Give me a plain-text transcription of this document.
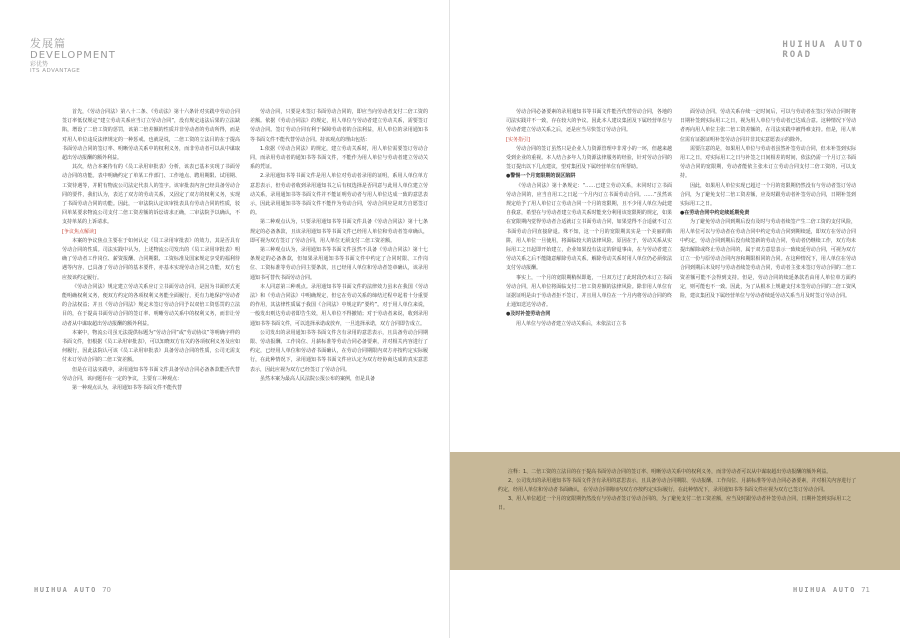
发展篇
DEVELOPMENT
彩优势
ITS ADVANTAGE

首先，《劳动合同法》第八十二条、《劳动法》第十六条针对实践中劳动合同签订率低仅规定“建立劳动关系应当订立劳动合同”，没有规定违法后果的立法缺陷，增设了二倍工资的惩罚，该第二倍差额的性质并非劳动者的劳动所得，而是对用人单位违反法律规定的一种惩戒。也就是说，二倍工资的立法目的在于提高书面劳动合同的签订率、明晰劳动关系中的权利义务，而非劳动者可以从中谋取超出劳动报酬的额外利益。

其次，结合本案待有的《员工录用审批表》分析，该表已基本实现了书面劳动合同的功能。表中明确约定了单某工作部门、工作地点、聘用期限、试用期、工资待遇等，并附有物流公司法定代表人的签字。该审批表内容已经具备劳动合同的要件，我们认为，表达了双方的劳动关系，又固定了双方的权利义务，实现了书面劳动合同的功能。因此，一审法院认定该审批表具有劳动合同的性质，驳回单某要求物流公司支付二倍工资差额的诉讼请求正确，二审法院予以确认，不支持单某的上诉请求。

[争议焦点解读]

本案的争议焦点主要在于如何认定《员工录用审批表》的效力，其是否具有劳动合同的性质。司法实践中认为，上述物流公司发出的《员工录用审批表》明确了劳动者工作岗位、薪资报酬、合同期限、工资标准及国家规定享受的福利待遇等内容，已具备了劳动合同的基本要件，亦基本实现劳动合同之功能，双方也应按该约定履行。

《劳动合同法》规定建立劳动关系应订立书面劳动合同，是因为书面形式更能明确权利义务，便双方约定的各项权利义务能全面履行，更有力地保护劳动者的合法权益；并且《劳动合同法》规定未签订劳动合同予以双倍工资惩罚的立法目的，在于提高书面劳动合同的签订率、明晰劳动关系中的权利义务，而非让劳动者从中谋取超出劳动报酬的额外利益。

本案中，物流公司虽无法提供标题为“劳动合同”或“劳动协议”等明确字样的书面文件，但根据《员工录用审批表》，可以知晓双方有关的各项权利义务及应如何履行，因此法院认可该《员工录用审批表》具备劳动合同的性质，公司无需支付未订劳动合同的二倍工资差额。

但是在司法实践中，录用通知书等书面文件具备劳动合同必备条款能否代替劳动合同，该问题存在一定的争议，主要有三种观点：

第一种观点认为，录用通知书等书面文件不能代替

劳动合同，只要是未签订书面劳动合同的，即应当向劳动者支付二倍工资的差额。依据《劳动合同法》的规定，用人单位与劳动者建立劳动关系，需要签订劳动合同。签订劳动合同有利于保障劳动者的合法利益，用人单位的录用通知书等书面文件不能代替劳动合同。持该观点的理由包括：

1.依据《劳动合同法》的规定，建立劳动关系时，用人单位需要签订劳动合同，而录用劳动者的通知书等书面文件，不能作为用人单位与劳动者建立劳动关系的凭证。

2.录用通知书等书面文件是用人单位对劳动者录用的证明，系用人单位单方意思表示，但劳动者收到录用通知书之后有权选择是否同意与此用人单位建立劳动关系，录用通知书等书面文件并不能证明劳动者与用人单位达成一致的意思表示，因此录用通知书等书面文件不能作为劳动合同，劳动合同应是双方自愿签订的。

第二种观点认为，只要录用通知书等书面文件具备《劳动合同法》第十七条规定的必备条款，且该录用通知书等书面文件已经用人单位和劳动者签章确认，即可视为双方签订了劳动合同，用人单位无须支付二倍工资差额。

第三种观点认为，录用通知书等书面文件虽然不具备《劳动合同法》第十七条规定的必备条款，但如果录用通知书等书面文件中约定了合同时限、工作岗位、工资标准等劳动合同主要条款，且已经用人单位和劳动者签章确认，该录用通知书可替代书面劳动合同。

本人同意第三种观点。录用通知书等书面文件的法律效力虽未在我国《劳动法》和《劳动合同法》中明确规定，但它在劳动关系的缔结过程中起着十分重要的作用，其法律性质属于我国《合同法》中规定的“要约”。对于用人单位来说，一般发出则达劳动者即告生效，用人单位不得撤销；对于劳动者来说，收到录用通知书等书面文件，可以选择承诺或放弃，一旦选择承诺，双方合同即告成立。

公司发出的录用通知书等书面文件含有录用的意思表示，且具备劳动合同期限、劳动报酬、工作岗位、月薪标准等劳动合同必备要素，并对相关内容进行了约定，已经用人单位和劳动者书面确认，在劳动合同期限内双方亦按约定实际履行，在此种情况下，录用通知书等书面文件应认定为双方经协商达成的真实意思表示，因此应视为双方已经签订了劳动合同。

虽然本案为最高人民法院公报公布的案例，但是具备

HUIHUA AUTO 70
HUIHUA AUTO
ROAD

劳动合同必备要素的录用通知书等书面文件能否代替劳动合同，各地的司法实践并不一致，存在较大的争议。因此本人建议集团及下属经营单位与劳动者建立劳动关系之后，还是应当尽快签订劳动合同。

[实务指引]

劳动合同的签订虽然只是企业人力资源管理中非常小的一环，但越来越受到企业的重视。本人结合多年人力资源法律服务的经验，针对劳动合同的签订提出以下几点建议，望对集团及下属经营单位有所帮助。

●警惕一个月宽限期的误区陷阱

《劳动合同法》第十条规定：“……已建立劳动关系，未同时订立书面劳动合同的，应当自用工之日起一个月内订立书面劳动合同。……”虽然该规定给予了用人单位订立劳动合同一个月的宽限期，且不少用人单位为此建自我意，希望在与劳动者建立劳动关系时能充分利用该宽限期的规定，如果在宽限期内觉得劳动者合适就订立书面劳动合同，如果觉得不合适就不订立书面劳动合同直接辞退。殊不知，这一个月的宽限期其实是一个美丽的陷阱，用人单位一旦使用，将面临较大的法律风险。原因在于，劳动关系从实际用工之日起即开始建立，企业如果没有法定的辞退事由，在与劳动者建立劳动关系之后不能随意解除劳动关系。解除劳动关系时用人单位仍必须依法支付劳动报酬。

事实上，一个月的宽限期稍纵即逝，一旦双方过了此时段仍未订立书面劳动合同，用人单位将面临支付二倍工资差额的法律风险。除非用人单位有证据证明是由于劳动者拒不签订，并且用人单位在一个月内将劳动合同的终止通知送达劳动者。

●及时补签劳动合同

用人单位与劳动者建立劳动关系后，未依法订立书

面劳动合同，劳动关系存续一定时间后，可以与劳动者在签订劳动合同时将日期补签到实际用工之日，视为用人单位与劳动者已达成合意。这种情况下劳动者再向用人单位主张二倍工资差额的，在司法实践中被得难支持。但是，用人单位需有证据证明补签劳动合同并非其实意愿表示的除外。

需要注意的是，如果用人单位与劳动者虽然补签劳动合同，但未补签到实际用工之日，对实际用工之日与补签之日间相差的时间，依法仍需一个月订立书面劳动合同的宽限期，劳动者能依主张未订立劳动合同支付二倍工资的，可以支持。

因此，如果用人单位实现已超过一个月的宽限期仍然没有与劳动者签订劳动合同，为了避免支付二倍工资差额，应及时跟劳动者补签劳动合同，日期补签到实际用工之日。

●在劳动合同中约定续延期免责

为了避免劳动合同到期后没有及时与劳动者续签产生二倍工资的支付风险，用人单位可以与劳动者在劳动合同中约定劳动合同到期续延，即双方在劳动合同中约定，劳动合同到期后没有续签新的劳动合同，劳动者仍继续工作，双方均未提出解除或终止劳动合同的，属于双方意思表示一致续延劳动合同，可视为双方订立一份与原劳动合同内容和期限相同的合同。在这种情况下，用人单位在劳动合同到期后未及时与劳动者续签劳动合同，劳动者主张未签订劳动合同的二倍工资差额可能不会得到支持。但是，劳动合同的续延条款若由用人单位单方面约定，则可能也不一致。因此，为了从根本上规避支付未签劳动合同的二倍工资风险，建议集团及下属经营单位与劳动者续延劳动关系当月及时签订劳动合同。

注释：1、二倍工资的立法目的在于提高书面劳动合同的签订率、明晰劳动关系中的权利义务，而非劳动者可以从中谋取超出劳动报酬的额外利益。

2、公司发出的录用通知书等书面文件含有录用的意思表示，且具备劳动合同期限、劳动报酬、工作岗位、月薪标准等劳动合同必备要素，并对相关内容进行了约定，经用人单位和劳动者书面确认，在劳动合同期间内双方亦按约定实际履行，在此种情况下，录用通知书等书面文件应视为双方已签订劳动合同。

3、用人单位超过一个月的宽限期仍然没有与劳动者签订劳动合同的，为了避免支付二倍工资差额，应当及时跟劳动者补签劳动合同，日期补签到实际用工之日。

HUIHUA AUTO 71
